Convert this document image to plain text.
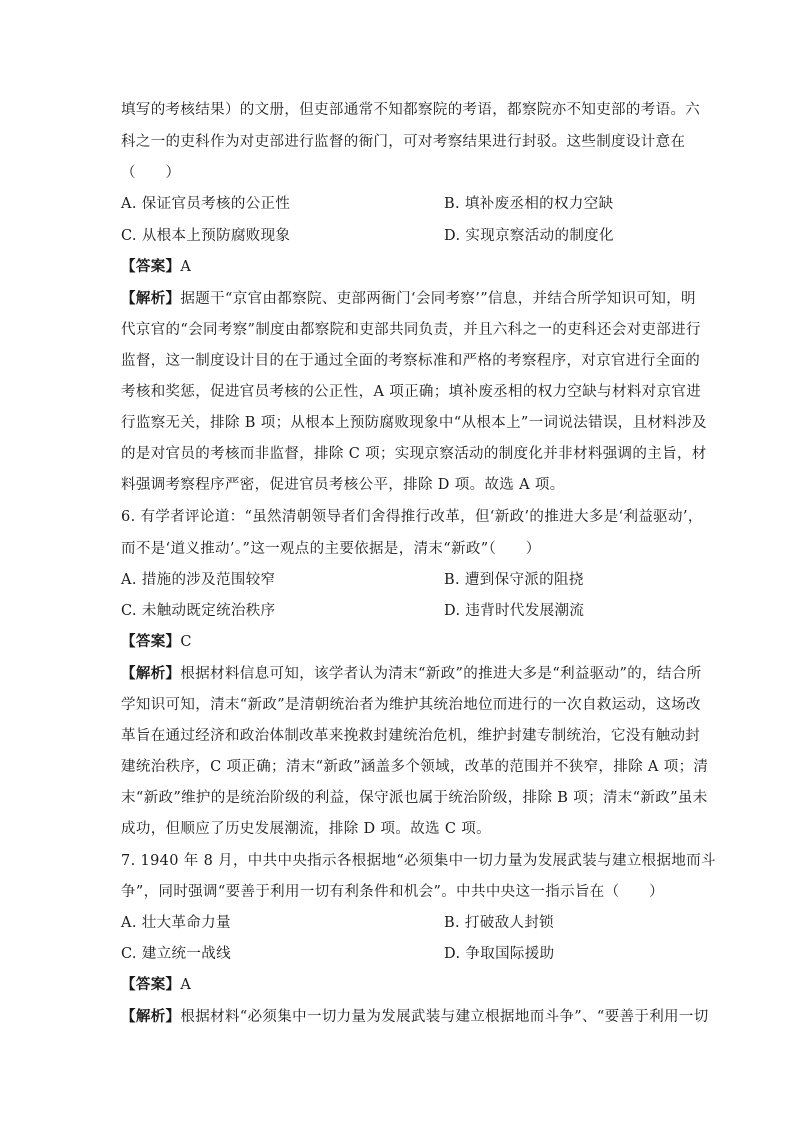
填写的考核结果）的文册，但吏部通常不知都察院的考语，都察院亦不知吏部的考语。六
科之一的吏科作为对吏部进行监督的衙门，可对考察结果进行封驳。这些制度设计意在
（　　）
A. 保证官员考核的公正性	B. 填补废丞相的权力空缺
C. 从根本上预防腐败现象	D. 实现京察活动的制度化
【答案】A
【解析】据题干“京官由都察院、吏部两衙门‘会同考察’”信息，并结合所学知识可知，明
代京官的“会同考察”制度由都察院和吏部共同负责，并且六科之一的吏科还会对吏部进行
监督，这一制度设计目的在于通过全面的考察标准和严格的考察程序，对京官进行全面的
考核和奖惩，促进官员考核的公正性，A 项正确；填补废丞相的权力空缺与材料对京官进
行监察无关，排除 B 项；从根本上预防腐败现象中“从根本上”一词说法错误，且材料涉及
的是对官员的考核而非监督，排除 C 项；实现京察活动的制度化并非材料强调的主旨，材
料强调考察程序严密，促进官员考核公平，排除 D 项。故选 A 项。
6. 有学者评论道：“虽然清朝领导者们舍得推行改革，但‘新政’的推进大多是‘利益驱动’，
而不是‘道义推动’。”这一观点的主要依据是，清末“新政”（　　）
A. 措施的涉及范围较窄	B. 遭到保守派的阻挠
C. 未触动既定统治秩序	D. 违背时代发展潮流
【答案】C
【解析】根据材料信息可知，该学者认为清末“新政”的推进大多是“利益驱动”的，结合所
学知识可知，清末“新政”是清朝统治者为维护其统治地位而进行的一次自救运动，这场改
革旨在通过经济和政治体制改革来挽救封建统治危机，维护封建专制统治，它没有触动封
建统治秩序，C 项正确；清末“新政”涵盖多个领域，改革的范围并不狭窄，排除 A 项；清
末“新政”维护的是统治阶级的利益，保守派也属于统治阶级，排除 B 项；清末“新政”虽未
成功，但顺应了历史发展潮流，排除 D 项。故选 C 项。
7. 1940 年 8 月，中共中央指示各根据地“必须集中一切力量为发展武装与建立根据地而斗
争”，同时强调“要善于利用一切有利条件和机会”。中共中央这一指示旨在（　　）
A. 壮大革命力量	B. 打破敌人封锁
C. 建立统一战线	D. 争取国际援助
【答案】A
【解析】根据材料“必须集中一切力量为发展武装与建立根据地而斗争”、“要善于利用一切
